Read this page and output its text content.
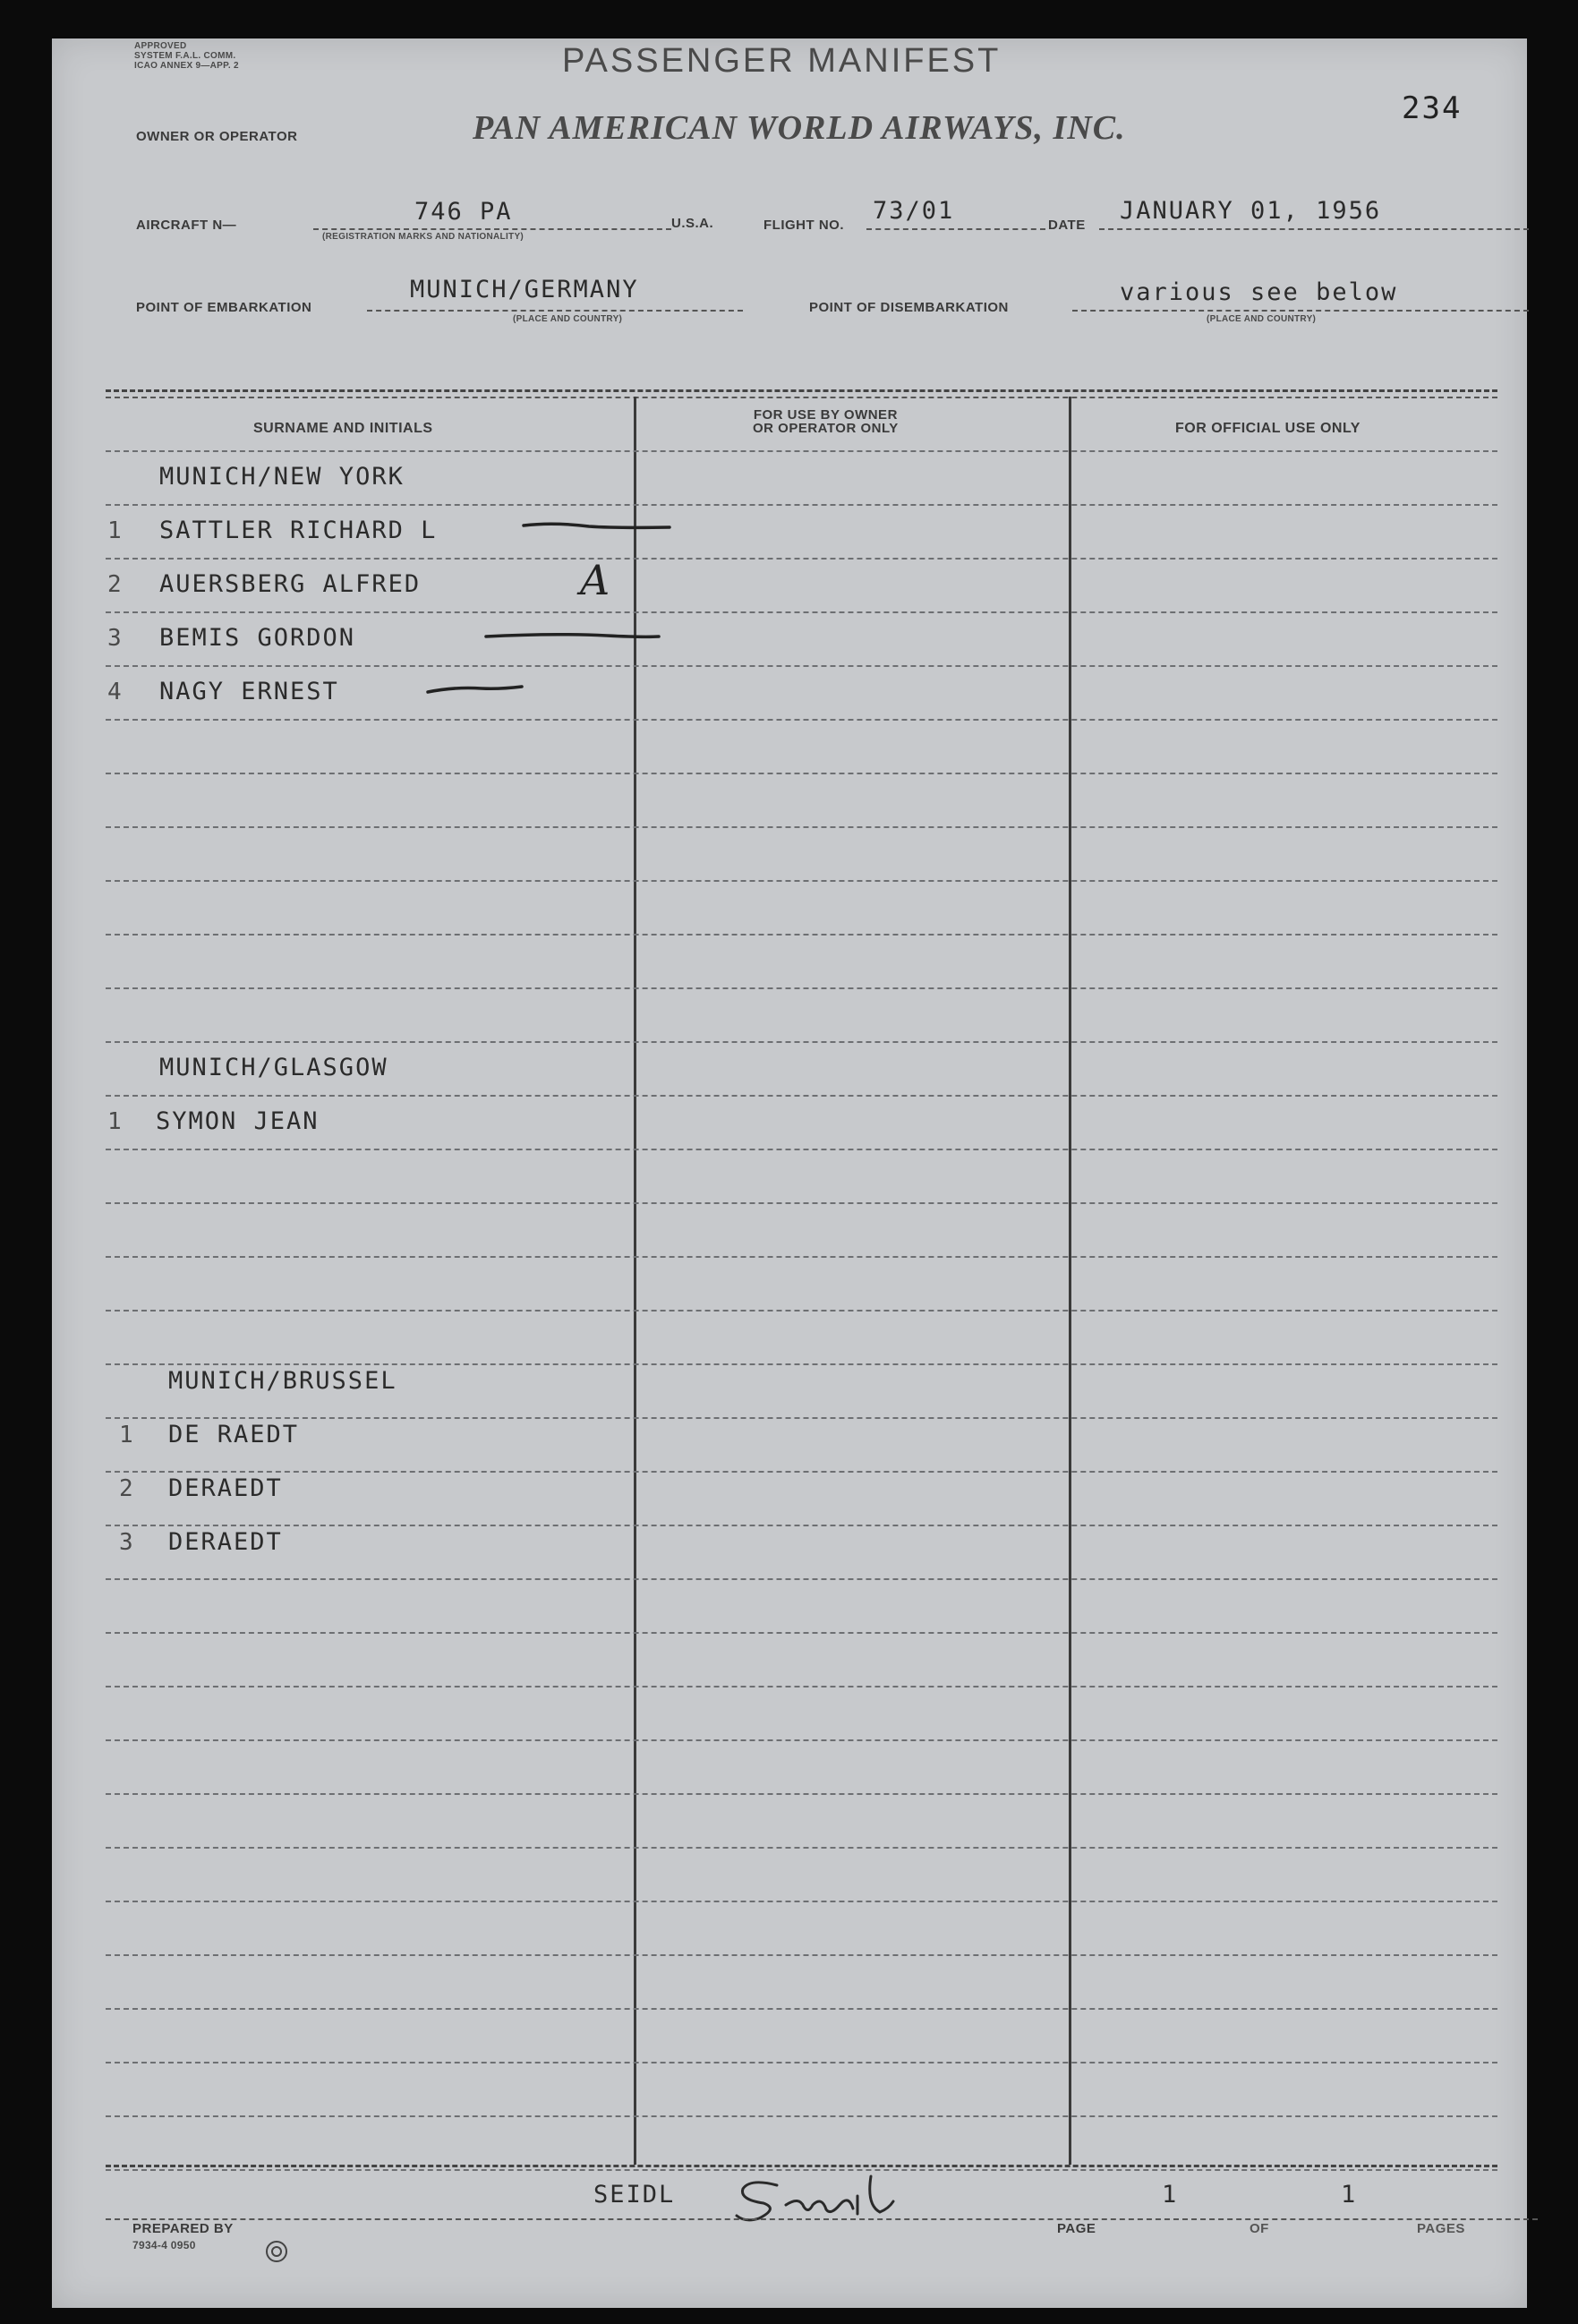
APPROVED
SYSTEM F.A.L. COMM.
ICAO ANNEX 9—APP. 2	PASSENGER MANIFEST
234
OWNER OR OPERATOR	PAN AMERICAN WORLD AIRWAYS, INC.
AIRCRAFT N—	746 PA
(REGISTRATION MARKS AND NATIONALITY)
U.S.A.	FLIGHT NO.
73/01
DATE
JANUARY 01, 1956
POINT OF EMBARKATION
MUNICH/GERMANY
(PLACE AND COUNTRY)
POINT OF DISEMBARKATION
various see below
(PLACE AND COUNTRY)
SURNAME AND INITIALS
FOR USE BY OWNER
OR OPERATOR ONLY	FOR OFFICIAL USE ONLY
MUNICH/NEW YORK
1 SATTLER RICHARD L
2 AUERSBERG ALFRED	A
3 BEMIS GORDON
4 NAGY ERNEST
MUNICH/GLASGOW
1 SYMON JEAN
MUNICH/BRUSSEL
1 DE RAEDT
2 DERAEDT
3 DERAEDT
SEIDL
PREPARED BY
7934-4 0950
PAGE
1
OF
1
PAGES
